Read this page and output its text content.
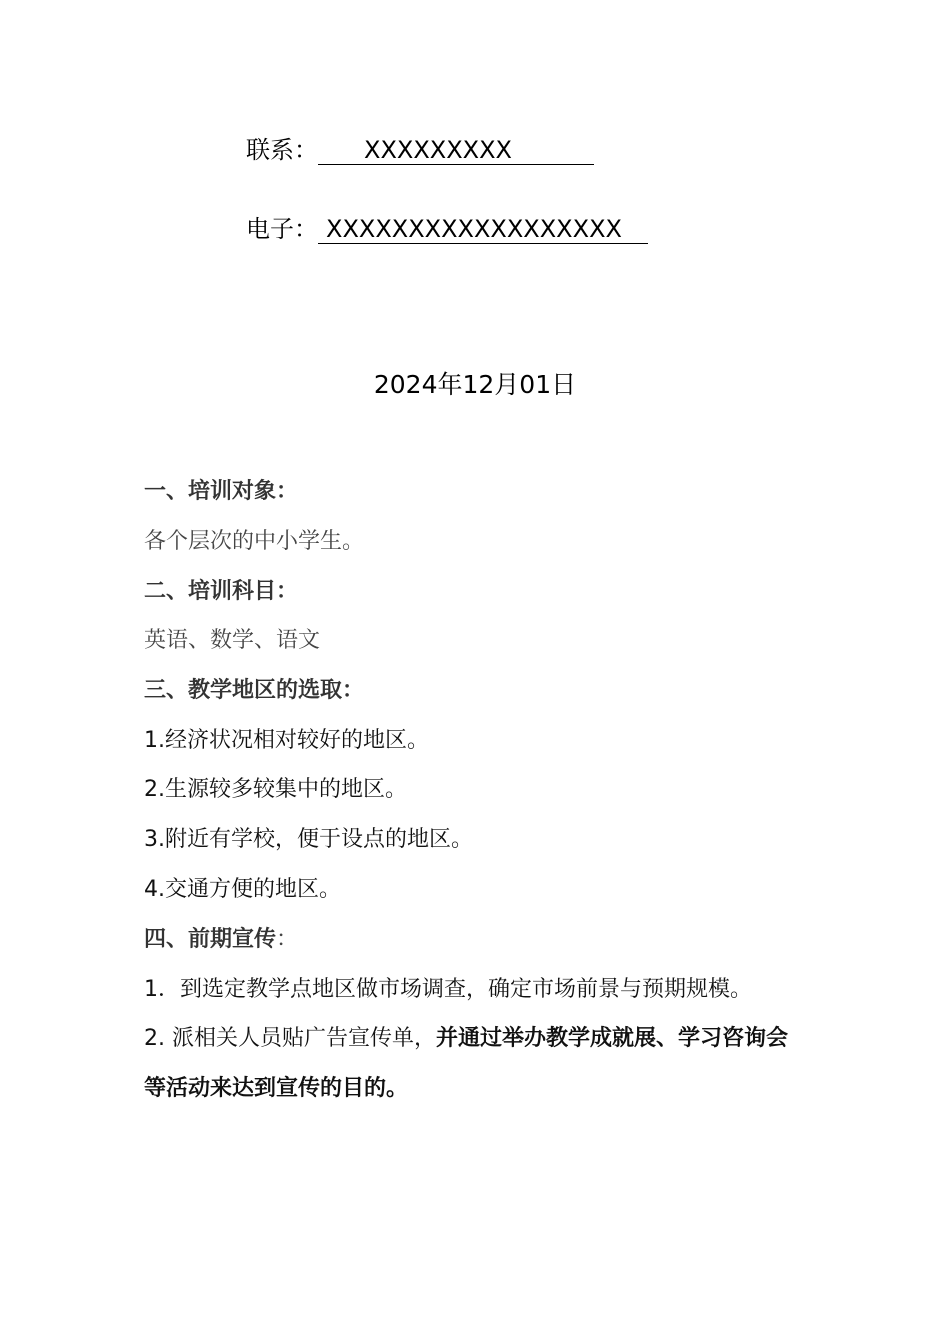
联系： XXXXXXXXX
电子： XXXXXXXXXXXXXXXXXX
2024年12月01日
一、培训对象：
各个层次的中小学生。
二、培训科目：
英语、数学、语文
三、教学地区的选取：
1.经济状况相对较好的地区。
2.生源较多较集中的地区。
3.附近有学校，便于设点的地区。
4.交通方便的地区。
四、前期宣传：
1．到选定教学点地区做市场调查，确定市场前景与预期规模。
2. 派相关人员贴广告宣传单，并通过举办教学成就展、学习咨询会
等活动来达到宣传的目的。
